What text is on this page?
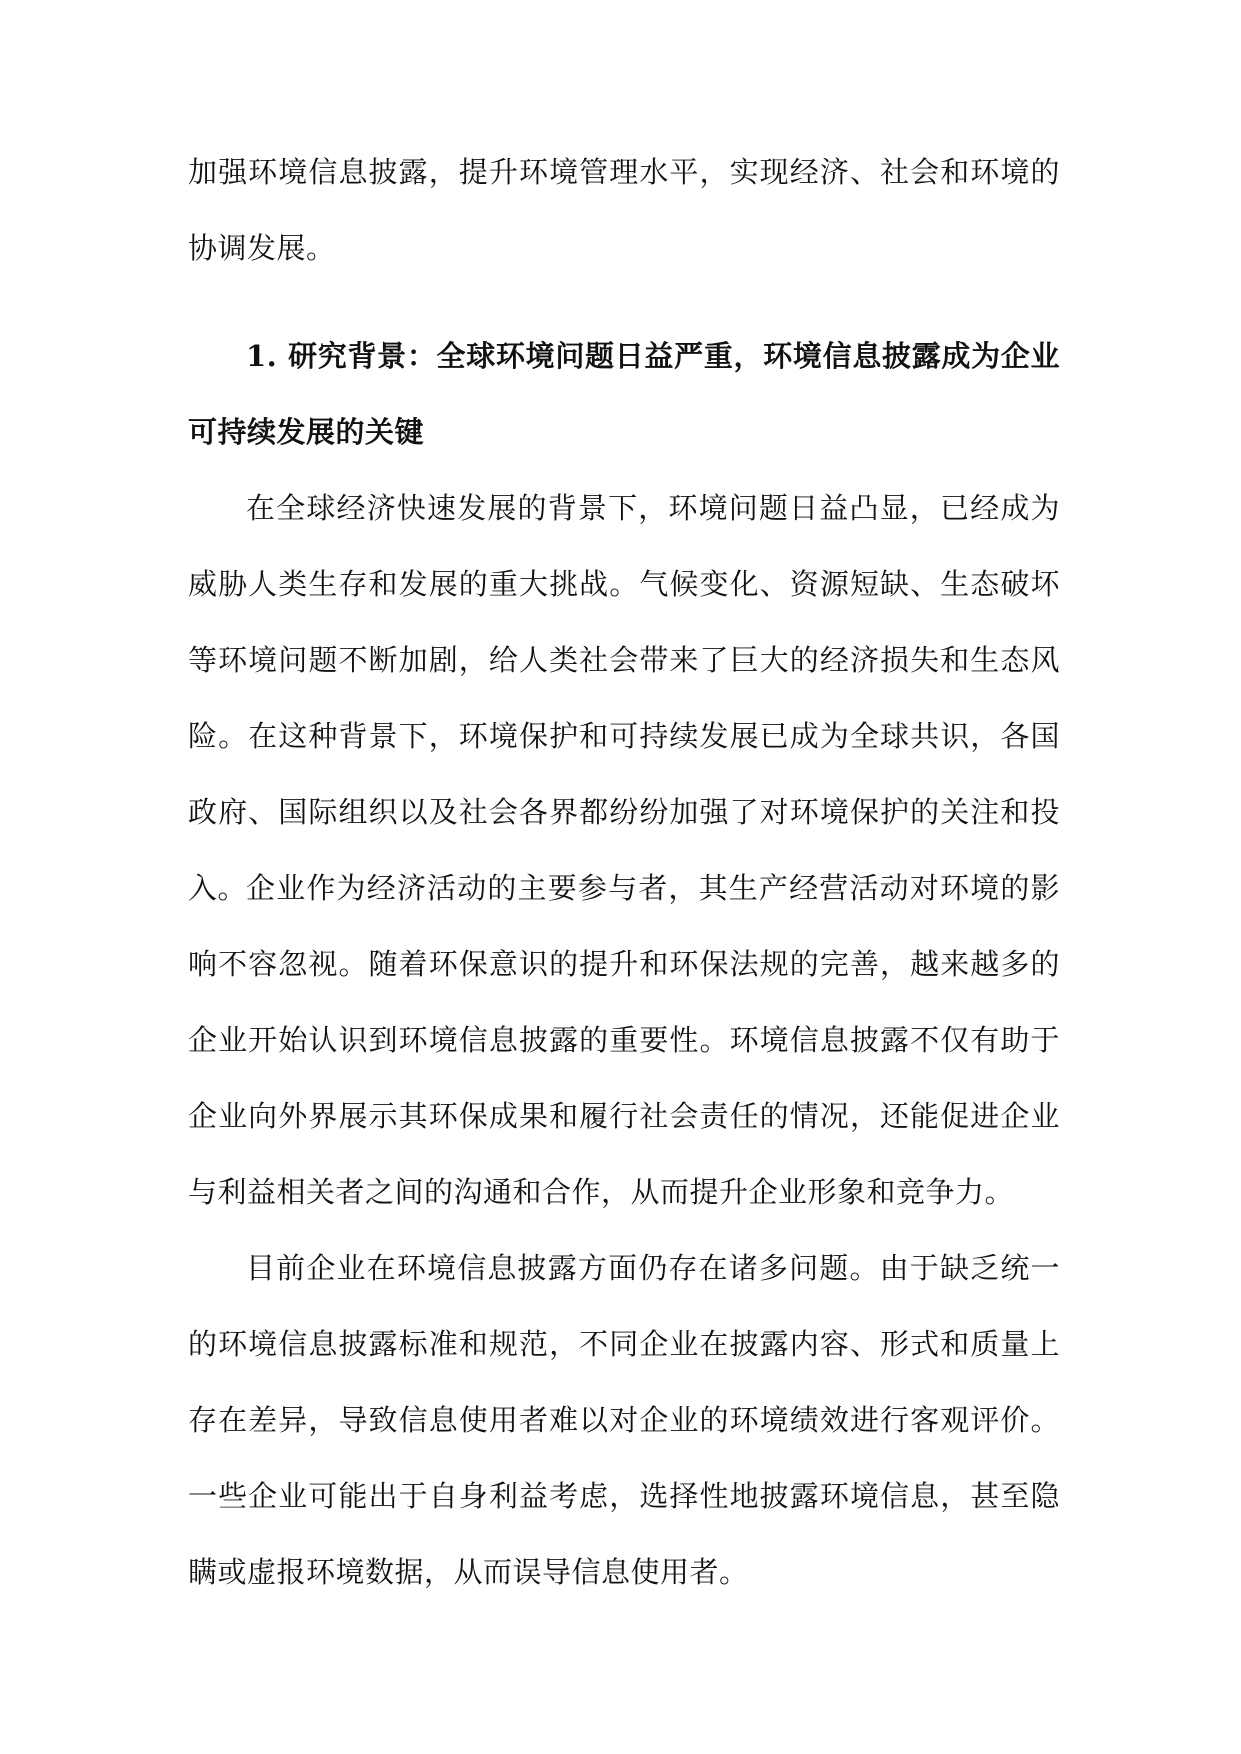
加强环境信息披露，提升环境管理水平，实现经济、社会和环境的协调发展。

1. 研究背景：全球环境问题日益严重，环境信息披露成为企业可持续发展的关键

在全球经济快速发展的背景下，环境问题日益凸显，已经成为威胁人类生存和发展的重大挑战。气候变化、资源短缺、生态破坏等环境问题不断加剧，给人类社会带来了巨大的经济损失和生态风险。在这种背景下，环境保护和可持续发展已成为全球共识，各国政府、国际组织以及社会各界都纷纷加强了对环境保护的关注和投入。

企业作为经济活动的主要参与者，其生产经营活动对环境的影响不容忽视。随着环保意识的提升和环保法规的完善，越来越多的企业开始认识到环境信息披露的重要性。环境信息披露不仅有助于企业向外界展示其环保成果和履行社会责任的情况，还能促进企业与利益相关者之间的沟通和合作，从而提升企业形象和竞争力。

目前企业在环境信息披露方面仍存在诸多问题。由于缺乏统一的环境信息披露标准和规范，不同企业在披露内容、形式和质量上存在差异，导致信息使用者难以对企业的环境绩效进行客观评价。一些企业可能出于自身利益考虑，选择性地披露环境信息，甚至隐瞒或虚报环境数据，从而误导信息使用者。
